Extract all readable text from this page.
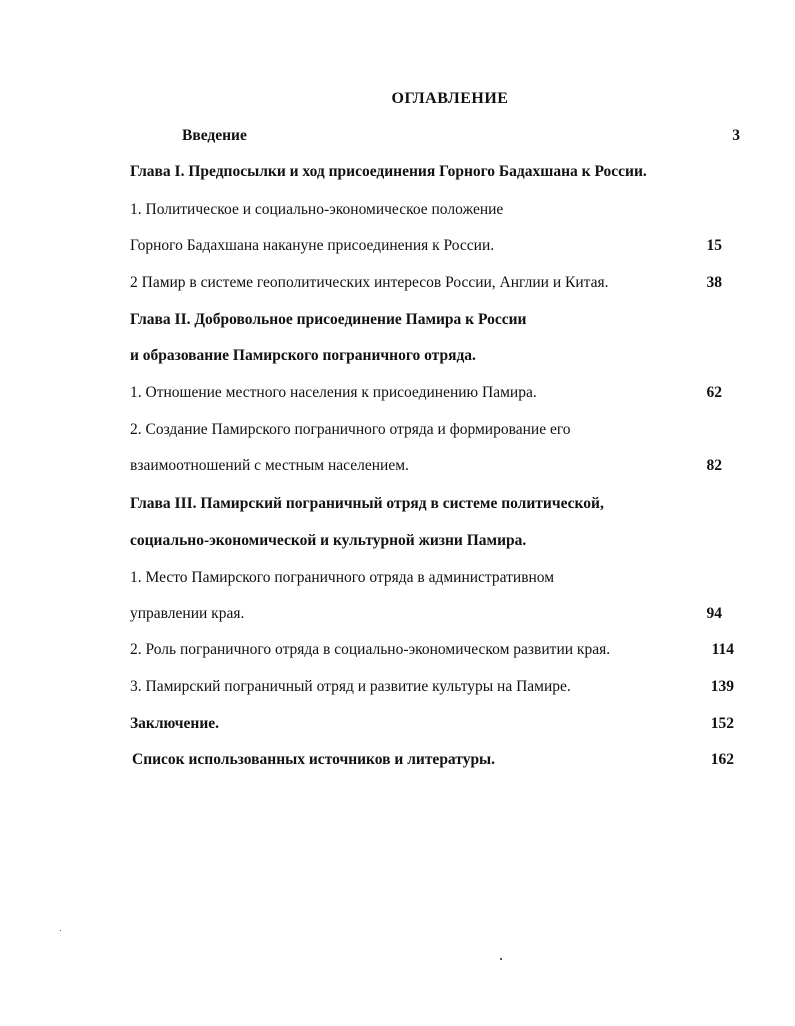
ОГЛАВЛЕНИЕ
Введение	3
Глава I. Предпосылки и ход присоединения Горного Бадахшана к России.
1. Политическое и социально-экономическое положение
Горного Бадахшана накануне присоединения к России.	15
2 Памир в системе геополитических интересов России, Англии и Китая.	38
Глава II. Добровольное присоединение Памира к России
и образование Памирского пограничного отряда.
1. Отношение местного населения к присоединению Памира.	62
2. Создание Памирского пограничного отряда и формирование его
взаимоотношений с местным населением.	82
Глава III. Памирский пограничный отряд в системе политической,
социально-экономической и культурной жизни Памира.
1. Место Памирского пограничного отряда в административном
управлении края.	94
2. Роль пограничного отряда в социально-экономическом развитии края.	114
3. Памирский пограничный отряд и развитие культуры на Памире.	139
Заключение.	152
Список использованных источников и литературы.	162
